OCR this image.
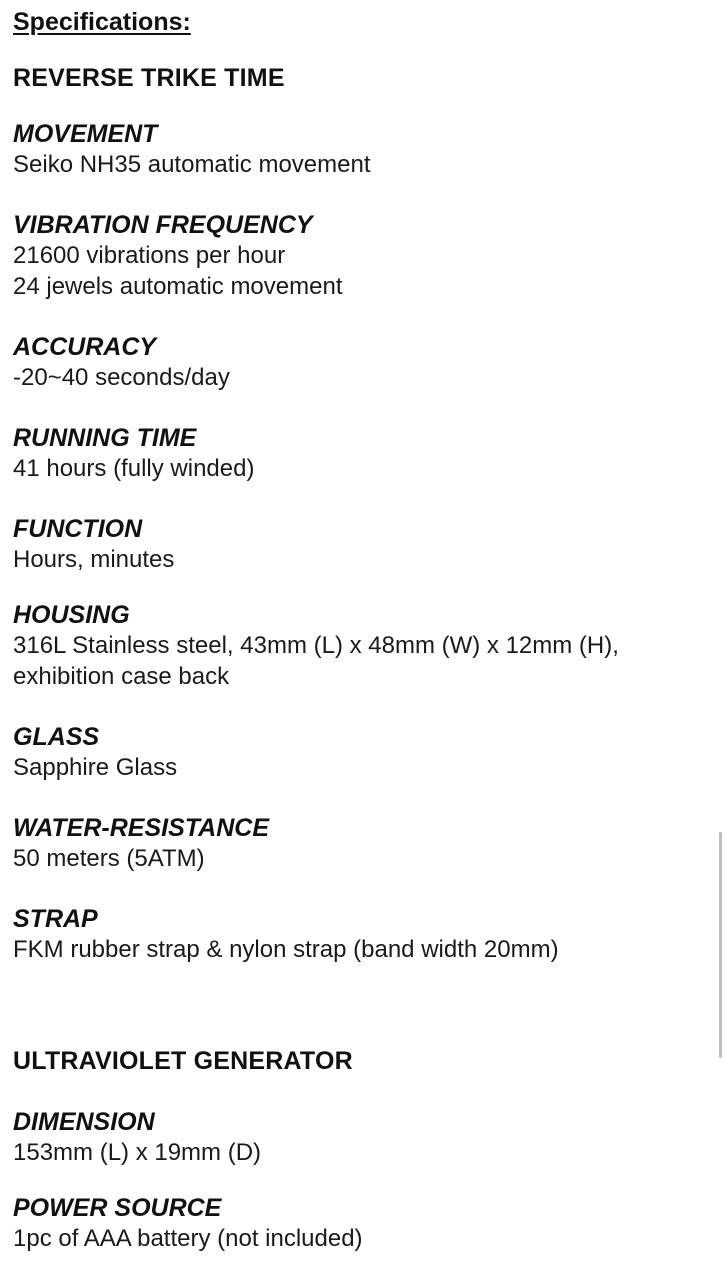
Specifications:
REVERSE TRIKE TIME
MOVEMENT
Seiko NH35 automatic movement
VIBRATION FREQUENCY
21600 vibrations per hour
24 jewels automatic movement
ACCURACY
-20~40 seconds/day
RUNNING TIME
41 hours (fully winded)
FUNCTION
Hours, minutes
HOUSING
316L Stainless steel, 43mm (L) x 48mm (W) x 12mm (H),
exhibition case back
GLASS
Sapphire Glass
WATER-RESISTANCE
50 meters (5ATM)
STRAP
FKM rubber strap & nylon strap (band width 20mm)
ULTRAVIOLET GENERATOR
DIMENSION
153mm (L) x 19mm (D)
POWER SOURCE
1pc of AAA battery (not included)
